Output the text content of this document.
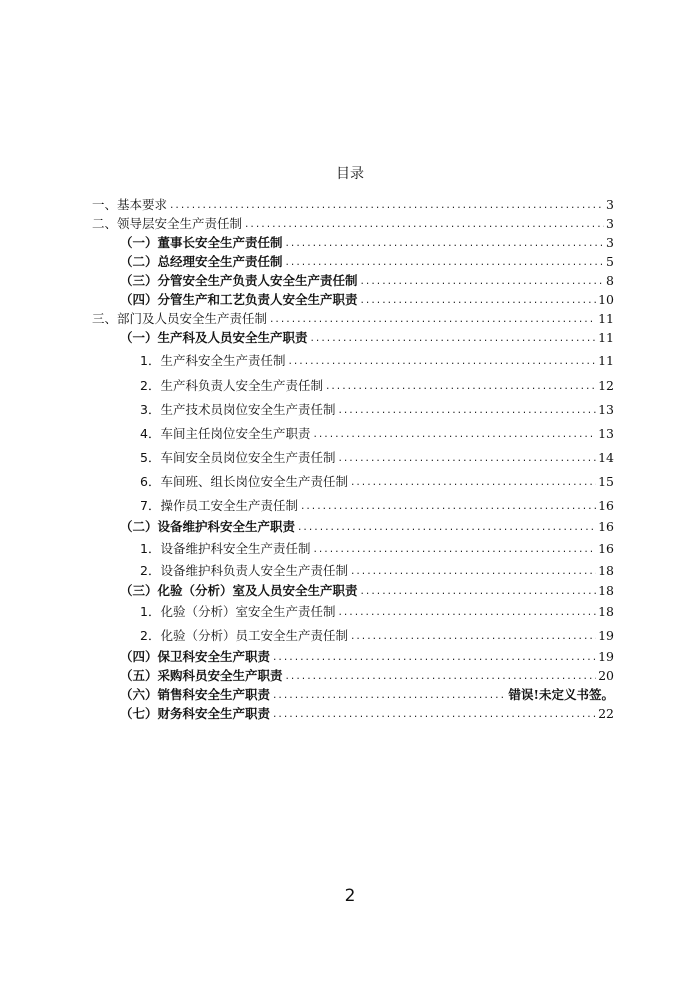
目录
一、基本要求 .....	3
二、领导层安全生产责任制 .....	3
（一）董事长安全生产责任制 .....	3
（二）总经理安全生产责任制 .....	5
（三）分管安全生产负责人安全生产责任制 .....	8
（四）分管生产和工艺负责人安全生产职责 .....	10
三、部门及人员安全生产责任制 .....	11
（一）生产科及人员安全生产职责 .....	11
1．生产科安全生产责任制 .....	11
2．生产科负责人安全生产责任制 .....	12
3．生产技术员岗位安全生产责任制 .....	13
4．车间主任岗位安全生产职责 .....	13
5．车间安全员岗位安全生产责任制 .....	14
6．车间班、组长岗位安全生产责任制 .....	15
7．操作员工安全生产责任制 .....	16
（二）设备维护科安全生产职责 .....	16
1．设备维护科安全生产责任制 .....	16
2．设备维护科负责人安全生产责任制 .....	18
（三）化验（分析）室及人员安全生产职责 .....	18
1．化验（分析）室安全生产责任制 .....	18
2．化验（分析）员工安全生产责任制 .....	19
（四）保卫科安全生产职责 .....	19
（五）采购科员安全生产职责 .....	20
（六）销售科安全生产职责 .....	错误!未定义书签。
（七）财务科安全生产职责 .....	22
2
